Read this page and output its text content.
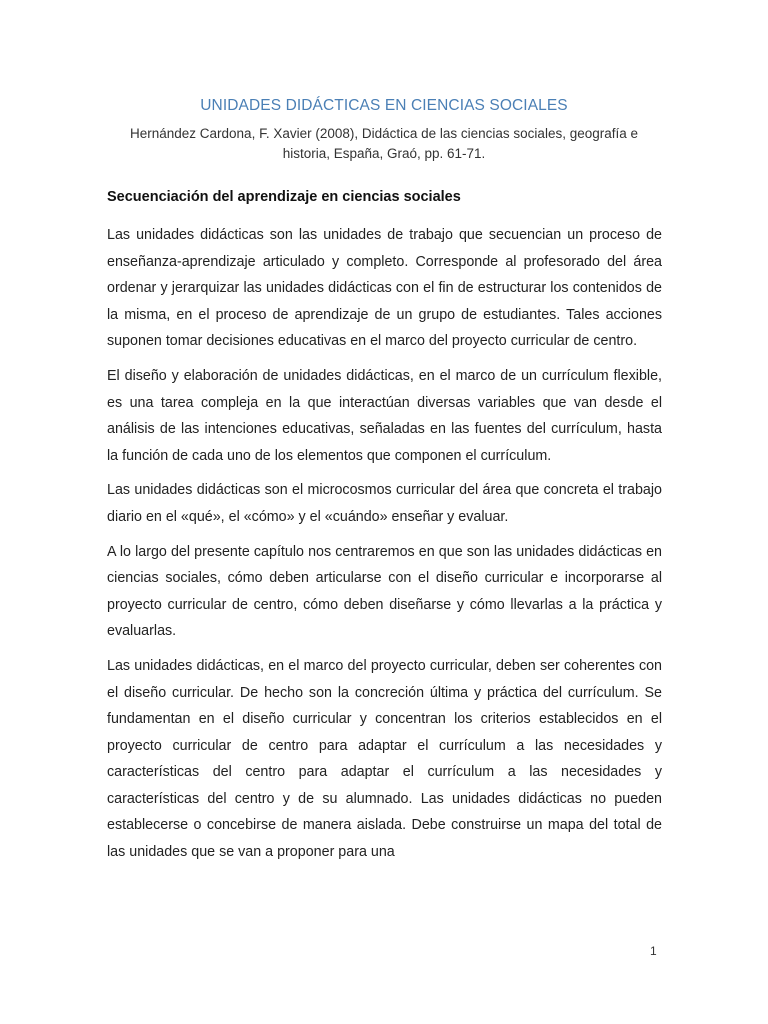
UNIDADES DIDÁCTICAS EN CIENCIAS SOCIALES
Hernández Cardona, F. Xavier (2008), Didáctica de las ciencias sociales, geografía e historia, España, Graó, pp. 61-71.
Secuenciación del aprendizaje en ciencias sociales

Las unidades didácticas son las unidades de trabajo que secuencian un proceso de enseñanza-aprendizaje articulado y completo. Corresponde al profesorado del área ordenar y jerarquizar las unidades didácticas con el fin de estructurar los contenidos de la misma, en el proceso de aprendizaje de un grupo de estudiantes. Tales acciones suponen tomar decisiones educativas en el marco del proyecto curricular de centro.

El diseño y elaboración de unidades didácticas, en el marco de un currículum flexible, es una tarea compleja en la que interactúan diversas variables que van desde el análisis de las intenciones educativas, señaladas en las fuentes del currículum, hasta la función de cada uno de los elementos que componen el currículum.

Las unidades didácticas son el microcosmos curricular del área que concreta el trabajo diario en el «qué», el «cómo» y el «cuándo» enseñar y evaluar.

A lo largo del presente capítulo nos centraremos en que son las unidades didácticas en ciencias sociales, cómo deben articularse con el diseño curricular e incorporarse al proyecto curricular de centro, cómo deben diseñarse y cómo llevarlas a la práctica y evaluarlas.

Las unidades didácticas, en el marco del proyecto curricular, deben ser coherentes con el diseño curricular. De hecho son la concreción última y práctica del currículum. Se fundamentan en el diseño curricular y concentran los criterios establecidos en el proyecto curricular de centro para adaptar el currículum a las necesidades y características del centro para adaptar el currículum a las necesidades y características del centro y de su alumnado. Las unidades didácticas no pueden establecerse o concebirse de manera aislada. Debe construirse un mapa del total de las unidades que se van a proponer para una

1
